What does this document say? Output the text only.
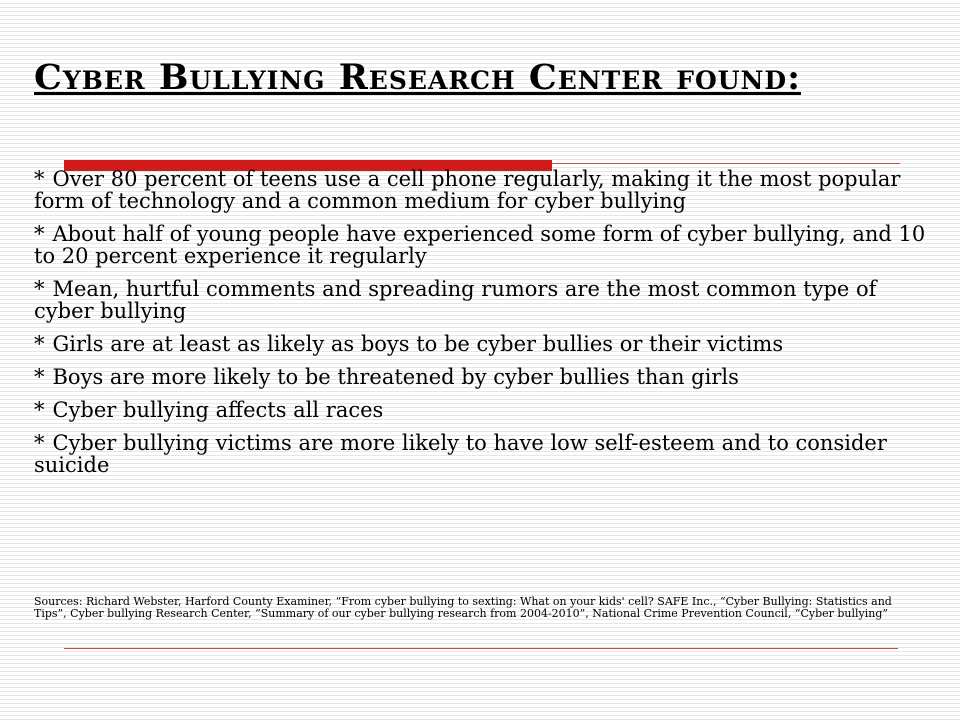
Cyber Bullying Research Center found:
* Over 80 percent of teens use a cell phone regularly, making it the most popular form of technology and a common medium for cyber bullying
* About half of young people have experienced some form of cyber bullying, and 10 to 20 percent experience it regularly
* Mean, hurtful comments and spreading rumors are the most common type of cyber bullying
* Girls are at least as likely as boys to be cyber bullies or their victims
* Boys are more likely to be threatened by cyber bullies than girls
* Cyber bullying affects all races
* Cyber bullying victims are more likely to have low self-esteem and to consider suicide

Sources: Richard Webster, Harford County Examiner, “From cyber bullying to sexting: What on your kids' cell? SAFE Inc., “Cyber Bullying: Statistics and Tips”, Cyber bullying Research Center, “Summary of our cyber bullying research from 2004-2010”, National Crime Prevention Council, “Cyber bullying”
